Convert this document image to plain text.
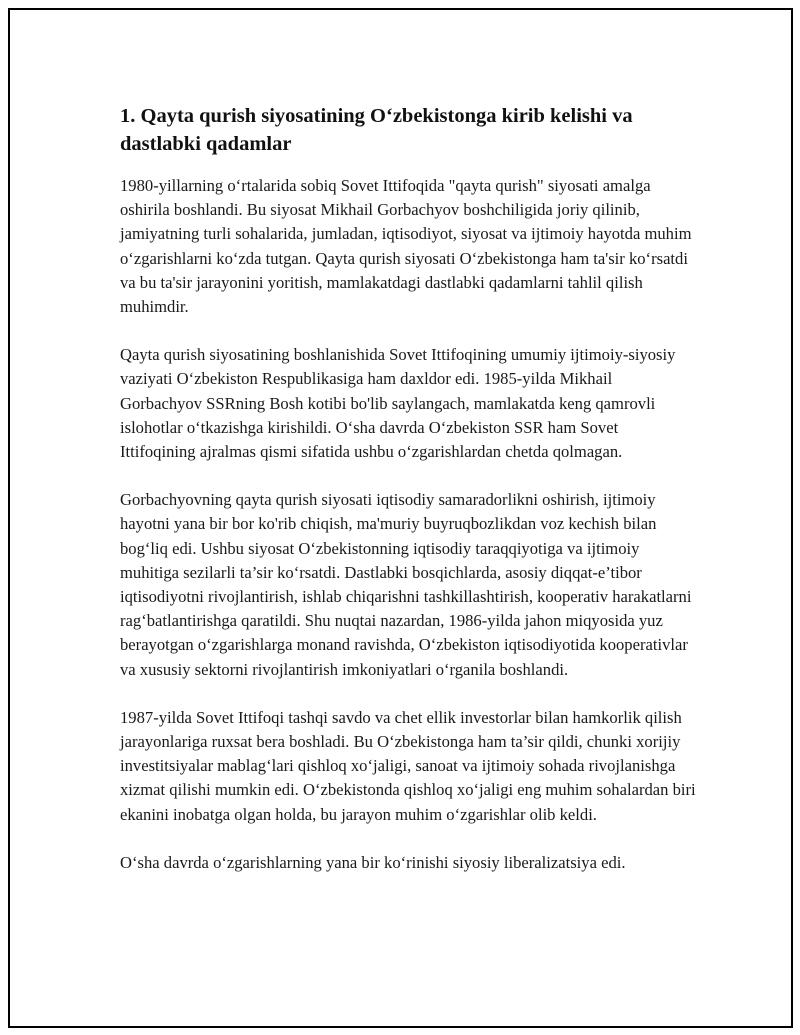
1. Qayta qurish siyosatining O‘zbekistonga kirib kelishi va dastlabki qadamlar

1980-yillarning o‘rtalarida sobiq Sovet Ittifoqida "qayta qurish" siyosati amalga oshirila boshlandi. Bu siyosat Mikhail Gorbachyov boshchiligida joriy qilinib, jamiyatning turli sohalarida, jumladan, iqtisodiyot, siyosat va ijtimoiy hayotda muhim o‘zgarishlarni ko‘zda tutgan. Qayta qurish siyosati O‘zbekistonga ham ta'sir ko‘rsatdi va bu ta'sir jarayonini yoritish, mamlakatdagi dastlabki qadamlarni tahlil qilish muhimdir.

Qayta qurish siyosatining boshlanishida Sovet Ittifoqining umumiy ijtimoiy-siyosiy vaziyati O‘zbekiston Respublikasiga ham daxldor edi. 1985-yilda Mikhail Gorbachyov SSRning Bosh kotibi bo'lib saylangach, mamlakatda keng qamrovli islohotlar o‘tkazishga kirishildi. O‘sha davrda O‘zbekiston SSR ham Sovet Ittifoqining ajralmas qismi sifatida ushbu o‘zgarishlardan chetda qolmagan.

Gorbachyovning qayta qurish siyosati iqtisodiy samaradorlikni oshirish, ijtimoiy hayotni yana bir bor ko'rib chiqish, ma'muriy buyruqbozlikdan voz kechish bilan bog‘liq edi. Ushbu siyosat O‘zbekistonning iqtisodiy taraqqiyotiga va ijtimoiy muhitiga sezilarli ta’sir ko‘rsatdi. Dastlabki bosqichlarda, asosiy diqqat-e’tibor iqtisodiyotni rivojlantirish, ishlab chiqarishni tashkillashtirish, kooperativ harakatlarni rag‘batlantirishga qaratildi. Shu nuqtai nazardan, 1986-yilda jahon miqyosida yuz berayotgan o‘zgarishlarga monand ravishda, O‘zbekiston iqtisodiyotida kooperativlar va xususiy sektorni rivojlantirish imkoniyatlari o‘rganila boshlandi.

1987-yilda Sovet Ittifoqi tashqi savdo va chet ellik investorlar bilan hamkorlik qilish jarayonlariga ruxsat bera boshladi. Bu O‘zbekistonga ham ta’sir qildi, chunki xorijiy investitsiyalar mablag‘lari qishloq xo‘jaligi, sanoat va ijtimoiy sohada rivojlanishga xizmat qilishi mumkin edi. O‘zbekistonda qishloq xo‘jaligi eng muhim sohalardan biri ekanini inobatga olgan holda, bu jarayon muhim o‘zgarishlar olib keldi.

O‘sha davrda o‘zgarishlarning yana bir ko‘rinishi siyosiy liberalizatsiya edi.
